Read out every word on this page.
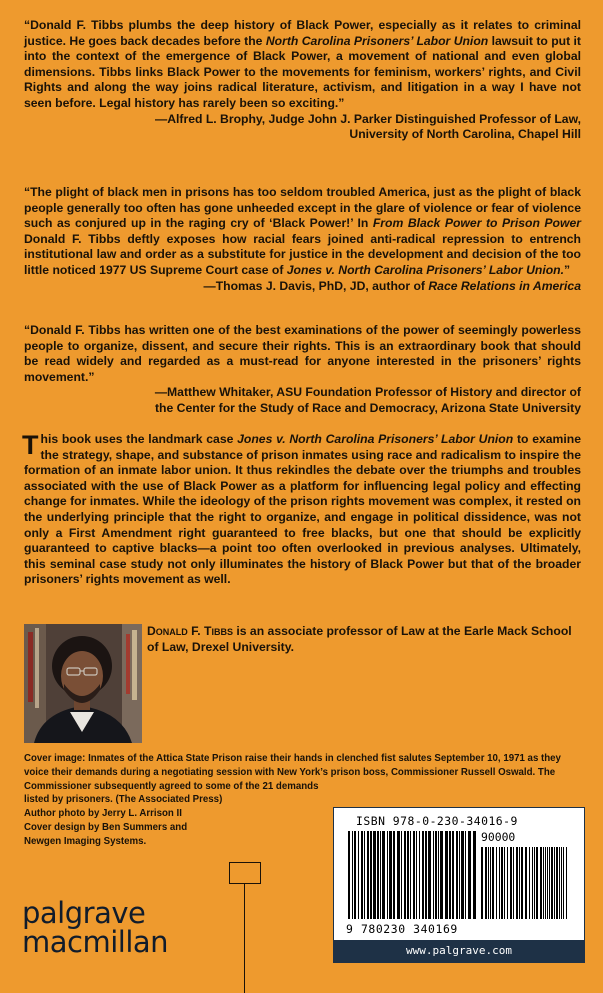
“Donald F. Tibbs plumbs the deep history of Black Power, especially as it relates to criminal justice. He goes back decades before the North Carolina Prisoners’ Labor Union lawsuit to put it into the context of the emergence of Black Power, a movement of national and even global dimensions. Tibbs links Black Power to the movements for feminism, workers’ rights, and Civil Rights and along the way joins radical literature, activism, and litigation in a way I have not seen before. Legal history has rarely been so exciting.”

—Alfred L. Brophy, Judge John J. Parker Distinguished Professor of Law,

University of North Carolina, Chapel Hill

“The plight of black men in prisons has too seldom troubled America, just as the plight of black people generally too often has gone unheeded except in the glare of violence or fear of violence such as conjured up in the raging cry of ‘Black Power!’ In From Black Power to Prison Power Donald F. Tibbs deftly exposes how racial fears joined anti-radical repression to entrench institutional law and order as a substitute for justice in the development and decision of the too little noticed 1977 US Supreme Court case of Jones v. North Carolina Prisoners’ Labor Union.”

—Thomas J. Davis, PhD, JD, author of Race Relations in America

“Donald F. Tibbs has written one of the best examinations of the power of seemingly powerless people to organize, dissent, and secure their rights. This is an extraordinary book that should be read widely and regarded as a must-read for anyone interested in the prisoners’ rights movement.”

—Matthew Whitaker, ASU Foundation Professor of History and director of

the Center for the Study of Race and Democracy, Arizona State University

This book uses the landmark case Jones v. North Carolina Prisoners’ Labor Union to examine the strategy, shape, and substance of prison inmates using race and radicalism to inspire the formation of an inmate labor union. It thus rekindles the debate over the triumphs and troubles associated with the use of Black Power as a platform for influencing legal policy and effecting change for inmates. While the ideology of the prison rights movement was complex, it rested on the underlying principle that the right to organize, and engage in political dissidence, was not only a First Amendment right guaranteed to free blacks, but one that should be explicitly guaranteed to captive blacks—a point too often overlooked in previous analyses. Ultimately, this seminal case study not only illuminates the history of Black Power but that of the broader prisoners’ rights movement as well.
Donald F. Tibbs is an associate professor of Law at the Earle Mack School of Law, Drexel University.

Cover image: Inmates of the Attica State Prison raise their hands in clenched fist salutes September 10, 1971 as they voice their demands during a negotiating session with New York’s prison boss, Commissioner Russell Oswald. The

Commissioner subsequently agreed to some of the 21 demands

listed by prisoners. (The Associated Press)

Author photo by Jerry L. Arrison II

Cover design by Ben Summers and

Newgen Imaging Systems.

palgrave
macmillan
ISBN 978-0-230-34016-9
90000
9 780230 340169
www.palgrave.com
